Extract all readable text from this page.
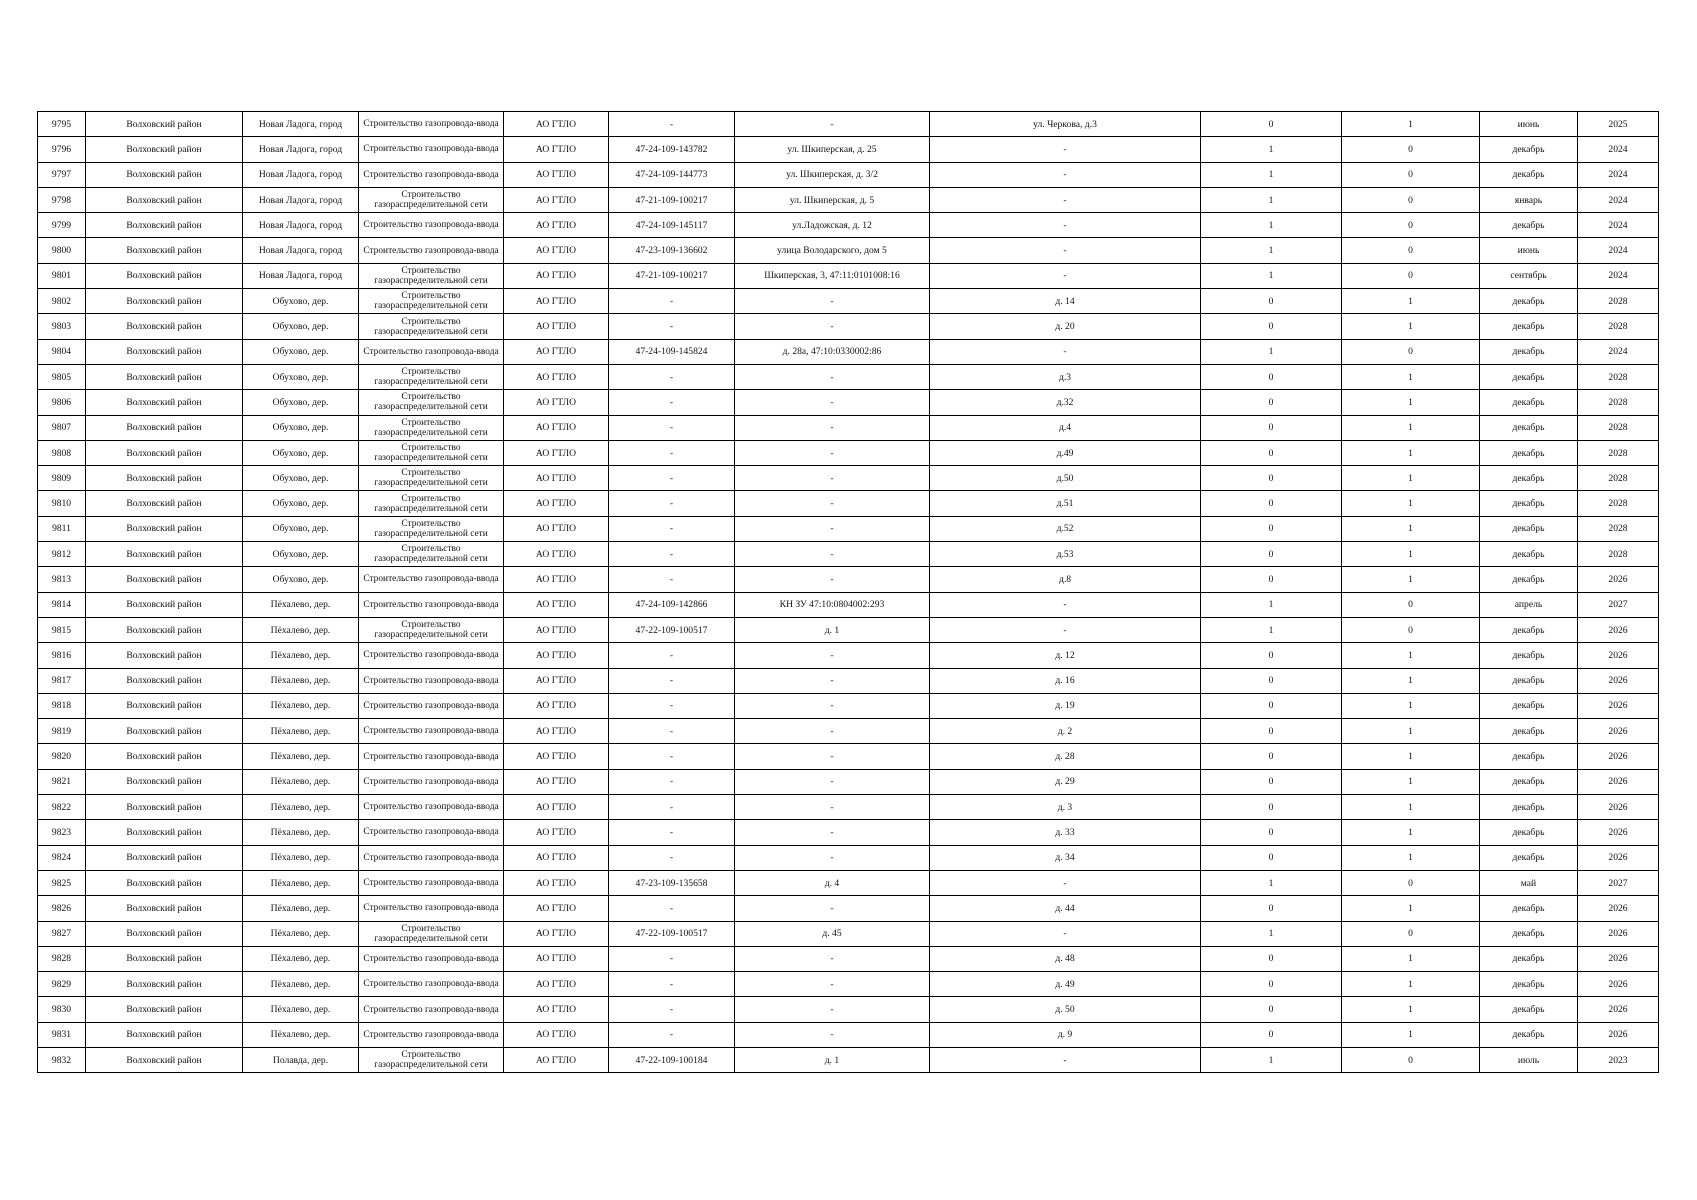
9795	Волховский район	Новая Ладога, город	Строительство газопровода-ввода	АО ГТЛО	-	-	ул. Черкова, д.3	0	1	июнь	2025
9796	Волховский район	Новая Ладога, город	Строительство газопровода-ввода	АО ГТЛО	47-24-109-143782	ул. Шкиперская, д. 25	-	1	0	декабрь	2024
9797	Волховский район	Новая Ладога, город	Строительство газопровода-ввода	АО ГТЛО	47-24-109-144773	ул. Шкиперская, д. 3/2	-	1	0	декабрь	2024
9798	Волховский район	Новая Ладога, город	Строительство газораспределительной сети	АО ГТЛО	47-21-109-100217	ул. Шкиперская, д. 5	-	1	0	январь	2024
9799	Волховский район	Новая Ладога, город	Строительство газопровода-ввода	АО ГТЛО	47-24-109-145117	ул.Ладожская, д. 12	-	1	0	декабрь	2024
9800	Волховский район	Новая Ладога, город	Строительство газопровода-ввода	АО ГТЛО	47-23-109-136602	улица Володарского, дом 5	-	1	0	июнь	2024
9801	Волховский район	Новая Ладога, город	Строительство газораспределительной сети	АО ГТЛО	47-21-109-100217	Шкиперская, 3, 47:11:0101008:16	-	1	0	сентябрь	2024
9802	Волховский район	Обухово, дер.	Строительство газораспределительной сети	АО ГТЛО	-	-	д. 14	0	1	декабрь	2028
9803	Волховский район	Обухово, дер.	Строительство газораспределительной сети	АО ГТЛО	-	-	д. 20	0	1	декабрь	2028
9804	Волховский район	Обухово, дер.	Строительство газопровода-ввода	АО ГТЛО	47-24-109-145824	д. 28а, 47:10:0330002:86	-	1	0	декабрь	2024
9805	Волховский район	Обухово, дер.	Строительство газораспределительной сети	АО ГТЛО	-	-	д.3	0	1	декабрь	2028
9806	Волховский район	Обухово, дер.	Строительство газораспределительной сети	АО ГТЛО	-	-	д.32	0	1	декабрь	2028
9807	Волховский район	Обухово, дер.	Строительство газораспределительной сети	АО ГТЛО	-	-	д.4	0	1	декабрь	2028
9808	Волховский район	Обухово, дер.	Строительство газораспределительной сети	АО ГТЛО	-	-	д.49	0	1	декабрь	2028
9809	Волховский район	Обухово, дер.	Строительство газораспределительной сети	АО ГТЛО	-	-	д.50	0	1	декабрь	2028
9810	Волховский район	Обухово, дер.	Строительство газораспределительной сети	АО ГТЛО	-	-	д.51	0	1	декабрь	2028
9811	Волховский район	Обухово, дер.	Строительство газораспределительной сети	АО ГТЛО	-	-	д.52	0	1	декабрь	2028
9812	Волховский район	Обухово, дер.	Строительство газораспределительной сети	АО ГТЛО	-	-	д.53	0	1	декабрь	2028
9813	Волховский район	Обухово, дер.	Строительство газопровода-ввода	АО ГТЛО	-	-	д.8	0	1	декабрь	2026
9814	Волховский район	Пёхалево, дер.	Строительство газопровода-ввода	АО ГТЛО	47-24-109-142866	КН ЗУ 47:10:0804002:293	-	1	0	апрель	2027
9815	Волховский район	Пёхалево, дер.	Строительство газораспределительной сети	АО ГТЛО	47-22-109-100517	д. 1	-	1	0	декабрь	2026
9816	Волховский район	Пёхалево, дер.	Строительство газопровода-ввода	АО ГТЛО	-	-	д. 12	0	1	декабрь	2026
9817	Волховский район	Пёхалево, дер.	Строительство газопровода-ввода	АО ГТЛО	-	-	д. 16	0	1	декабрь	2026
9818	Волховский район	Пёхалево, дер.	Строительство газопровода-ввода	АО ГТЛО	-	-	д. 19	0	1	декабрь	2026
9819	Волховский район	Пёхалево, дер.	Строительство газопровода-ввода	АО ГТЛО	-	-	д. 2	0	1	декабрь	2026
9820	Волховский район	Пёхалево, дер.	Строительство газопровода-ввода	АО ГТЛО	-	-	д. 28	0	1	декабрь	2026
9821	Волховский район	Пёхалево, дер.	Строительство газопровода-ввода	АО ГТЛО	-	-	д. 29	0	1	декабрь	2026
9822	Волховский район	Пёхалево, дер.	Строительство газопровода-ввода	АО ГТЛО	-	-	д. 3	0	1	декабрь	2026
9823	Волховский район	Пёхалево, дер.	Строительство газопровода-ввода	АО ГТЛО	-	-	д. 33	0	1	декабрь	2026
9824	Волховский район	Пёхалево, дер.	Строительство газопровода-ввода	АО ГТЛО	-	-	д. 34	0	1	декабрь	2026
9825	Волховский район	Пёхалево, дер.	Строительство газопровода-ввода	АО ГТЛО	47-23-109-135658	д. 4	-	1	0	май	2027
9826	Волховский район	Пёхалево, дер.	Строительство газопровода-ввода	АО ГТЛО	-	-	д. 44	0	1	декабрь	2026
9827	Волховский район	Пёхалево, дер.	Строительство газораспределительной сети	АО ГТЛО	47-22-109-100517	д. 45	-	1	0	декабрь	2026
9828	Волховский район	Пёхалево, дер.	Строительство газопровода-ввода	АО ГТЛО	-	-	д. 48	0	1	декабрь	2026
9829	Волховский район	Пёхалево, дер.	Строительство газопровода-ввода	АО ГТЛО	-	-	д. 49	0	1	декабрь	2026
9830	Волховский район	Пёхалево, дер.	Строительство газопровода-ввода	АО ГТЛО	-	-	д. 50	0	1	декабрь	2026
9831	Волховский район	Пёхалево, дер.	Строительство газопровода-ввода	АО ГТЛО	-	-	д. 9	0	1	декабрь	2026
9832	Волховский район	Полавда, дер.	Строительство газораспределительной сети	АО ГТЛО	47-22-109-100184	д. 1	-	1	0	июль	2023
